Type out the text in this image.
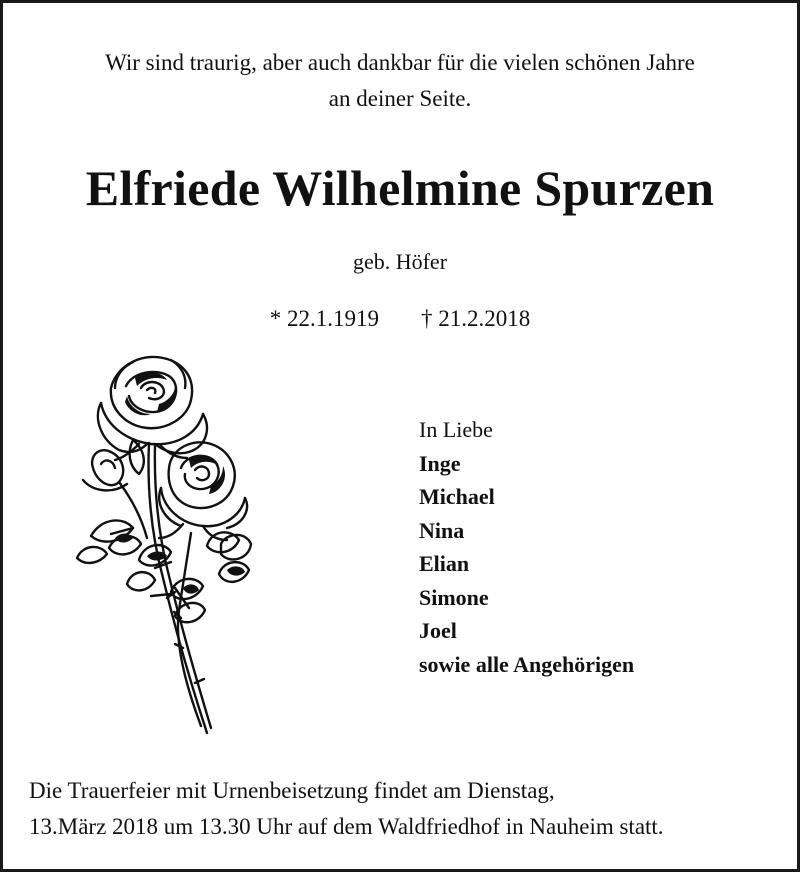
Wir sind traurig, aber auch dankbar für die vielen schönen Jahre
an deiner Seite.
Elfriede Wilhelmine Spurzen
geb. Höfer
* 22.1.1919 † 21.2.2018
In Liebe
Inge
Michael
Nina
Elian
Simone
Joel
sowie alle Angehörigen
Die Trauerfeier mit Urnenbeisetzung findet am Dienstag,
13.März 2018 um 13.30 Uhr auf dem Waldfriedhof in Nauheim statt.
